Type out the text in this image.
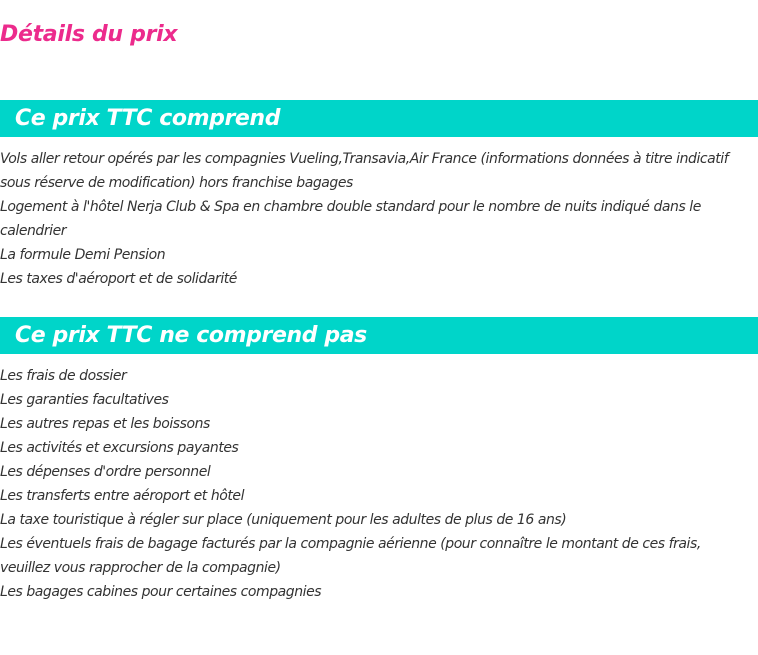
Détails du prix
Ce prix TTC comprend
Vols aller retour opérés par les compagnies Vueling,Transavia,Air France (informations données à titre indicatif sous réserve de modification) hors franchise bagages
Logement à l'hôtel Nerja Club & Spa en chambre double standard pour le nombre de nuits indiqué dans le calendrier
La formule Demi Pension
Les taxes d'aéroport et de solidarité
Ce prix TTC ne comprend pas
Les frais de dossier
Les garanties facultatives
Les autres repas et les boissons
Les activités et excursions payantes
Les dépenses d'ordre personnel
Les transferts entre aéroport et hôtel
La taxe touristique à régler sur place (uniquement pour les adultes de plus de 16 ans)
Les éventuels frais de bagage facturés par la compagnie aérienne (pour connaître le montant de ces frais, veuillez vous rapprocher de la compagnie)
Les bagages cabines pour certaines compagnies
